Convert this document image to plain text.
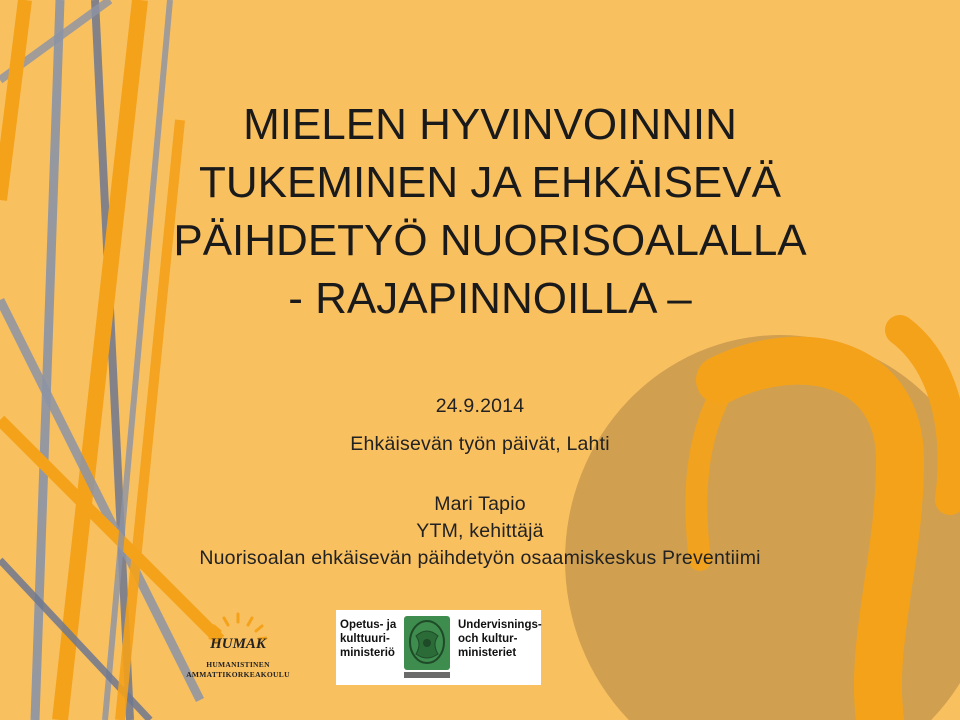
MIELEN HYVINVOINNIN
TUKEMINEN JA EHKÄISEVÄ
PÄIHDETYÖ NUORISOALALLA
- RAJAPINNOILLA –
24.9.2014
Ehkäisevän työn päivät, Lahti
Mari Tapio
YTM, kehittäjä
Nuorisoalan ehkäisevän päihdetyön osaamiskeskus Preventiimi
HUMAK
HUMANISTINEN
AMMATTIKORKEAKOULU
Opetus- ja
kulttuuri-
ministeriö
Undervisnings-
och kultur-
ministeriet
